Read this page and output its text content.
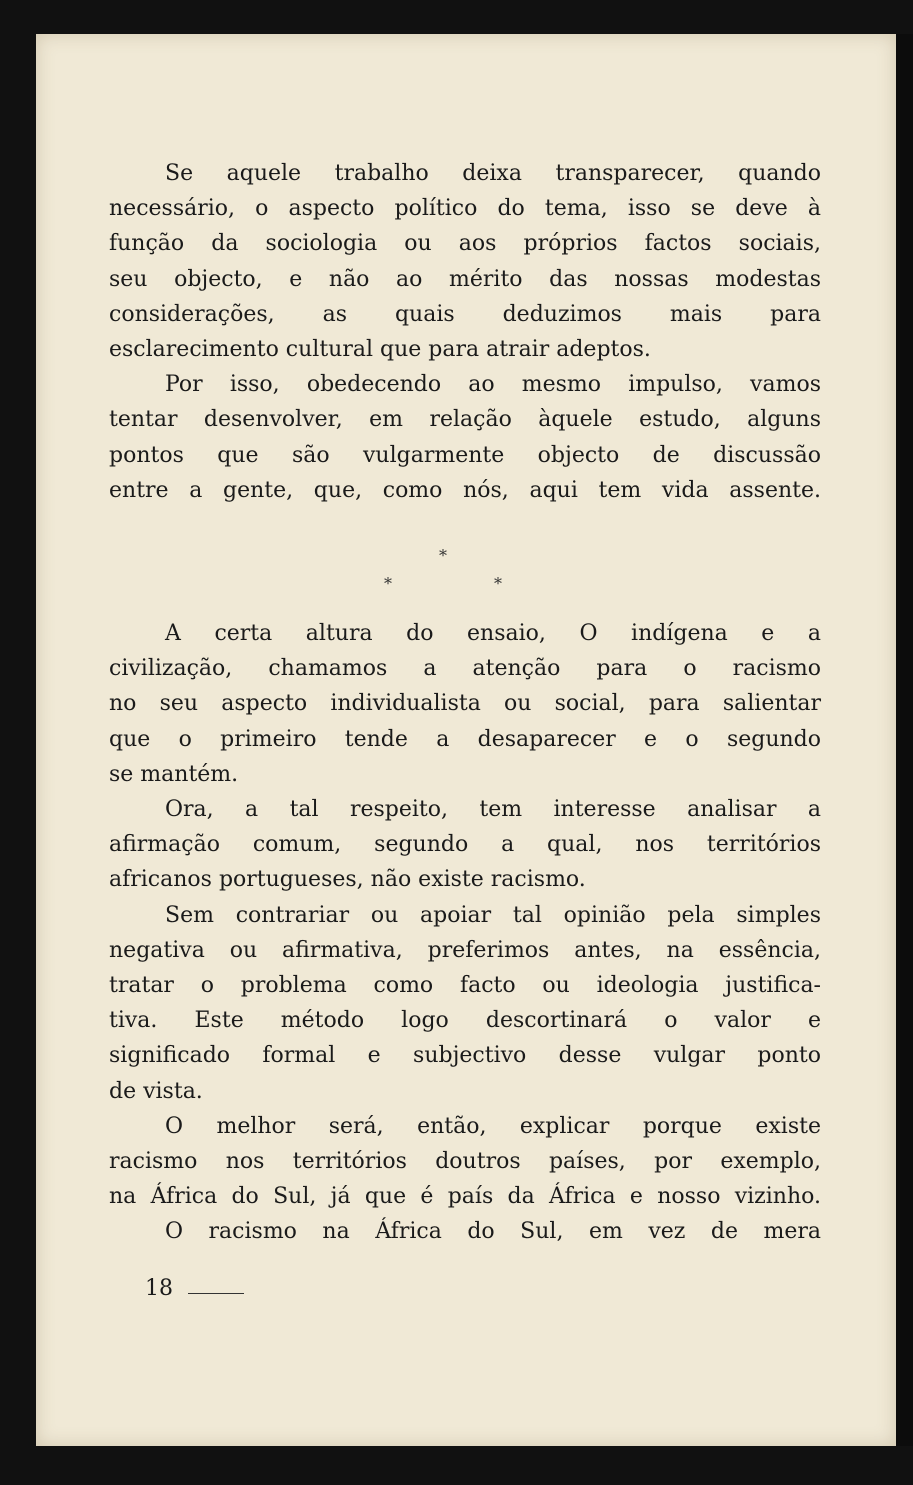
Se aquele trabalho deixa transparecer, quando

necessário, o aspecto político do tema, isso se deve à
função da sociologia ou aos próprios factos sociais,
seu objecto, e não ao mérito das nossas modestas
considerações, as quais deduzimos mais para
esclarecimento cultural que para atrair adeptos.

Por isso, obedecendo ao mesmo impulso, vamos

tentar desenvolver, em relação àquele estudo, alguns
pontos que são vulgarmente objecto de discussão
entre a gente, que, como nós, aqui tem vida assente.

*
*	*

A certa altura do ensaio, O indígena e a

civilização, chamamos a atenção para o racismo
no seu aspecto individualista ou social, para salientar
que o primeiro tende a desaparecer e o segundo
se mantém.

Ora, a tal respeito, tem interesse analisar a

afirmação comum, segundo a qual, nos territórios
africanos portugueses, não existe racismo.

Sem contrariar ou apoiar tal opinião pela simples

negativa ou afirmativa, preferimos antes, na essência,
tratar o problema como facto ou ideologia justifica-
tiva. Este método logo descortinará o valor e
significado formal e subjectivo desse vulgar ponto
de vista.

O melhor será, então, explicar porque existe

racismo nos territórios doutros países, por exemplo,
na África do Sul, já que é país da África e nosso vizinho.

O racismo na África do Sul, em vez de mera

18
